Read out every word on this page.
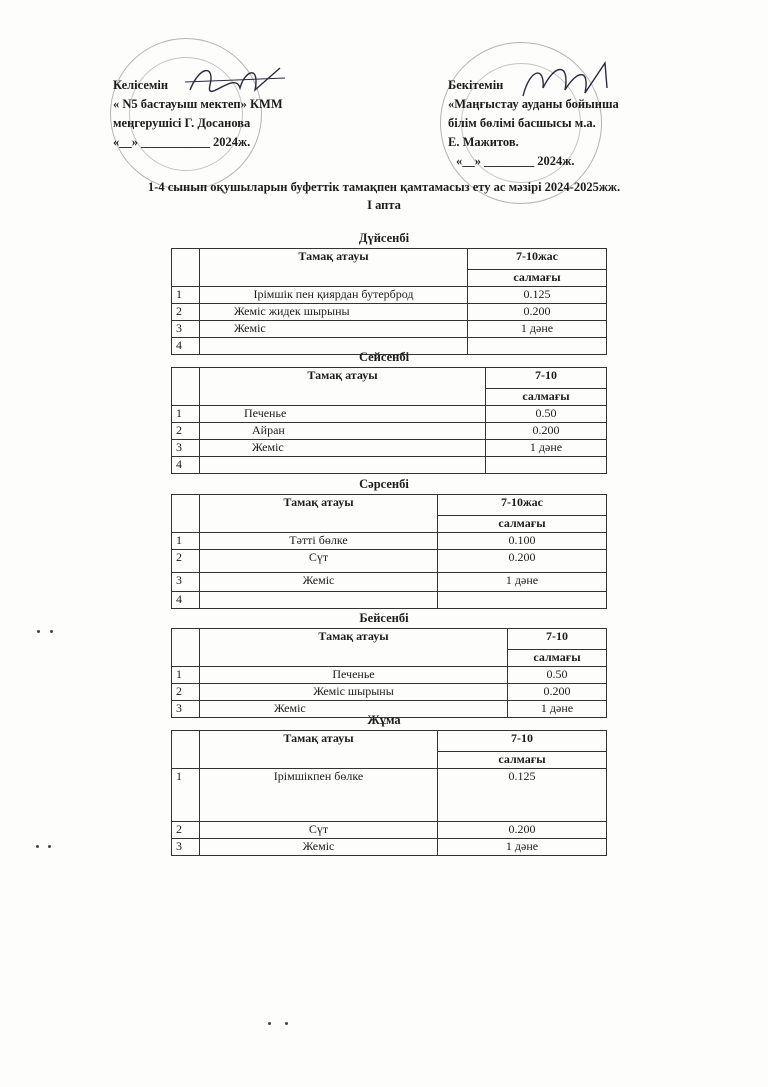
Келісемін
« N5 бастауыш мектеп» КММ
меңгерушісі Г. Досанова
«__» ___________ 2024ж.
Бекітемін
«Маңғыстау ауданы бойынша
білім бөлімі басшысы м.а.
Е. Мажитов.
«__» ________ 2024ж.
1-4 сынып оқушыларын буфеттік тамақпен қамтамасыз ету ас мәзірі 2024-2025жж.
I апта
Дүйсенбі
	Тамақ атауы	7-10жас
		салмағы
1	Ірімшік пен қиярдан бутерброд	0.125
2	Жеміс жидек шырыны	0.200
3	Жеміс	1 дәне
4		
Сейсенбі
	Тамақ атауы	7-10
		салмағы
1	Печенье	0.50
2	Айран	0.200
3	Жеміс	1 дәне
4		
Сәрсенбі
	Тамақ атауы	7-10жас
		салмағы
1	Тәтті бөлке	0.100
2	Сүт	0.200
3	Жеміс	1 дәне
4		
Бейсенбі
	Тамақ атауы	7-10
		салмағы
1	Печенье	0.50
2	Жеміс шырыны	0.200
3	Жеміс	1 дәне
Жұма
	Тамақ атауы	7-10
		салмағы
1	Ірімшікпен бөлке	0.125
2	Сүт	0.200
3	Жеміс	1 дәне
